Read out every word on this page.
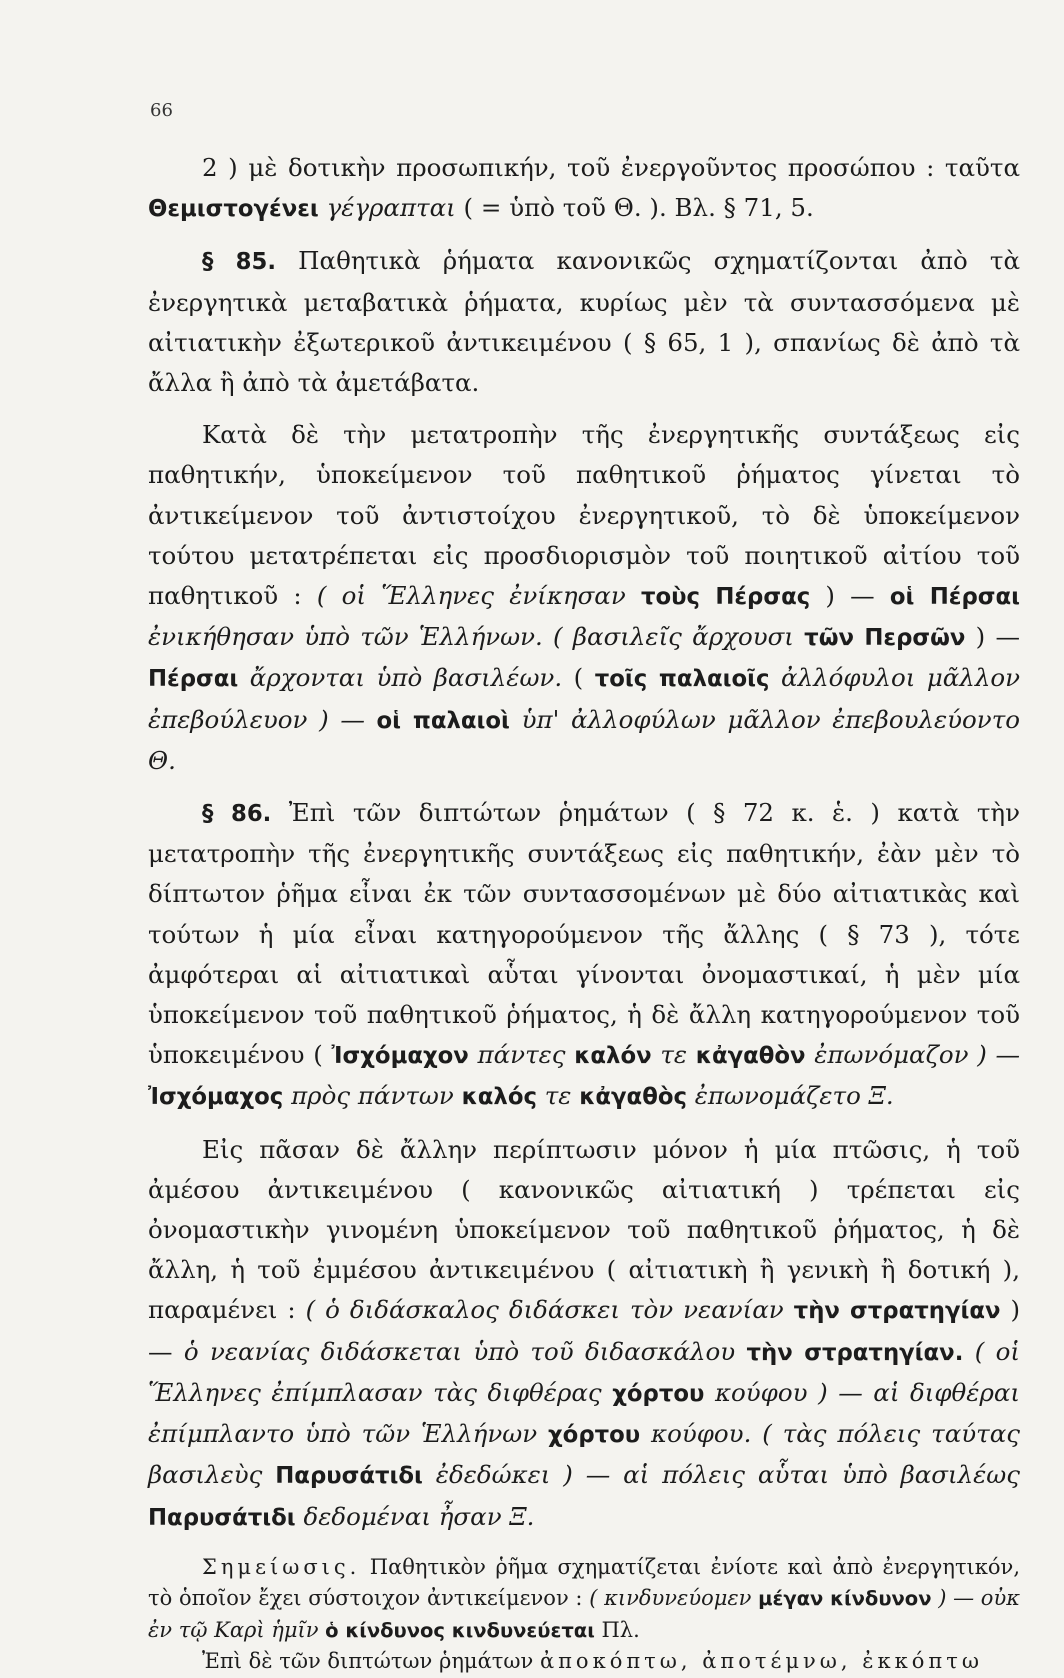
66

2 ) μὲ δοτικὴν προσωπικήν, τοῦ ἐνεργοῦντος προσώπου : ταῦτα Θεμιστογένει γέγραπται ( = ὑπὸ τοῦ Θ. ). Βλ. § 71, 5.

§ 85. Παθητικὰ ῥήματα κανονικῶς σχηματίζονται ἀπὸ τὰ ἐνεργητικὰ μεταβατικὰ ῥήματα, κυρίως μὲν τὰ συντασσόμενα μὲ αἰτιατικὴν ἐξωτερικοῦ ἀντικειμένου ( § 65, 1 ), σπανίως δὲ ἀπὸ τὰ ἄλλα ἢ ἀπὸ τὰ ἀμετάβατα.

Κατὰ δὲ τὴν μετατροπὴν τῆς ἐνεργητικῆς συντάξεως εἰς παθητικήν, ὑποκείμενον τοῦ παθητικοῦ ῥήματος γίνεται τὸ ἀντικείμενον τοῦ ἀντιστοίχου ἐνεργητικοῦ, τὸ δὲ ὑποκείμενον τούτου μετατρέπεται εἰς προσδιορισμὸν τοῦ ποιητικοῦ αἰτίου τοῦ παθητικοῦ : ( οἱ Ἕλληνες ἐνίκησαν τοὺς Πέρσας ) — οἱ Πέρσαι ἐνικήθησαν ὑπὸ τῶν Ἑλλήνων. ( βασιλεῖς ἄρχουσι τῶν Περσῶν ) — Πέρσαι ἄρχονται ὑπὸ βασιλέων. ( τοῖς παλαιοῖς ἀλλόφυλοι μᾶλλον ἐπεβούλευον ) — οἱ παλαιοὶ ὑπ' ἀλλοφύλων μᾶλλον ἐπεβουλεύοντο Θ.

§ 86. Ἐπὶ τῶν διπτώτων ῥημάτων ( § 72 κ. ἑ. ) κατὰ τὴν μετατροπὴν τῆς ἐνεργητικῆς συντάξεως εἰς παθητικήν, ἐὰν μὲν τὸ δίπτωτον ῥῆμα εἶναι ἐκ τῶν συντασσομένων μὲ δύο αἰτιατικὰς καὶ τούτων ἡ μία εἶναι κατηγορούμενον τῆς ἄλλης ( § 73 ), τότε ἀμφότεραι αἱ αἰτιατικαὶ αὗται γίνονται ὀνομαστικαί, ἡ μὲν μία ὑποκείμενον τοῦ παθητικοῦ ῥήματος, ἡ δὲ ἄλλη κατηγορούμενον τοῦ ὑποκειμένου ( Ἰσχόμαχον πάντες καλόν τε κἀγαθὸν ἐπωνόμαζον ) — Ἰσχόμαχος πρὸς πάντων καλός τε κἀγαθὸς ἐπωνομάζετο Ξ.

Εἰς πᾶσαν δὲ ἄλλην περίπτωσιν μόνον ἡ μία πτῶσις, ἡ τοῦ ἀμέσου ἀντικειμένου ( κανονικῶς αἰτιατική ) τρέπεται εἰς ὀνομαστικὴν γινομένη ὑποκείμενον τοῦ παθητικοῦ ῥήματος, ἡ δὲ ἄλλη, ἡ τοῦ ἐμμέσου ἀντικειμένου ( αἰτιατικὴ ἢ γενικὴ ἢ δοτική ), παραμένει : ( ὁ διδάσκαλος διδάσκει τὸν νεανίαν τὴν στρατηγίαν ) — ὁ νεανίας διδάσκεται ὑπὸ τοῦ διδασκάλου τὴν στρατηγίαν. ( οἱ Ἕλληνες ἐπίμπλασαν τὰς διφθέρας χόρτου κούφου ) — αἱ διφθέραι ἐπίμπλαντο ὑπὸ τῶν Ἑλλήνων χόρτου κούφου. ( τὰς πόλεις ταύτας βασιλεὺς Παρυσάτιδι ἐδεδώκει ) — αἱ πόλεις αὗται ὑπὸ βασιλέως Παρυσάτιδι δεδομέναι ἦσαν Ξ.

Σημείωσις. Παθητικὸν ῥῆμα σχηματίζεται ἐνίοτε καὶ ἀπὸ ἐνεργητικόν, τὸ ὁποῖον ἔχει σύστοιχον ἀντικείμενον : ( κινδυνεύομεν μέγαν κίνδυνον ) — οὐκ ἐν τῷ Καρὶ ἡμῖν ὁ κίνδυνος κινδυνεύεται Πλ.

Ἐπὶ δὲ τῶν διπτώτων ῥημάτων ἀποκόπτω, ἀποτέμνω, ἐκκόπτω
